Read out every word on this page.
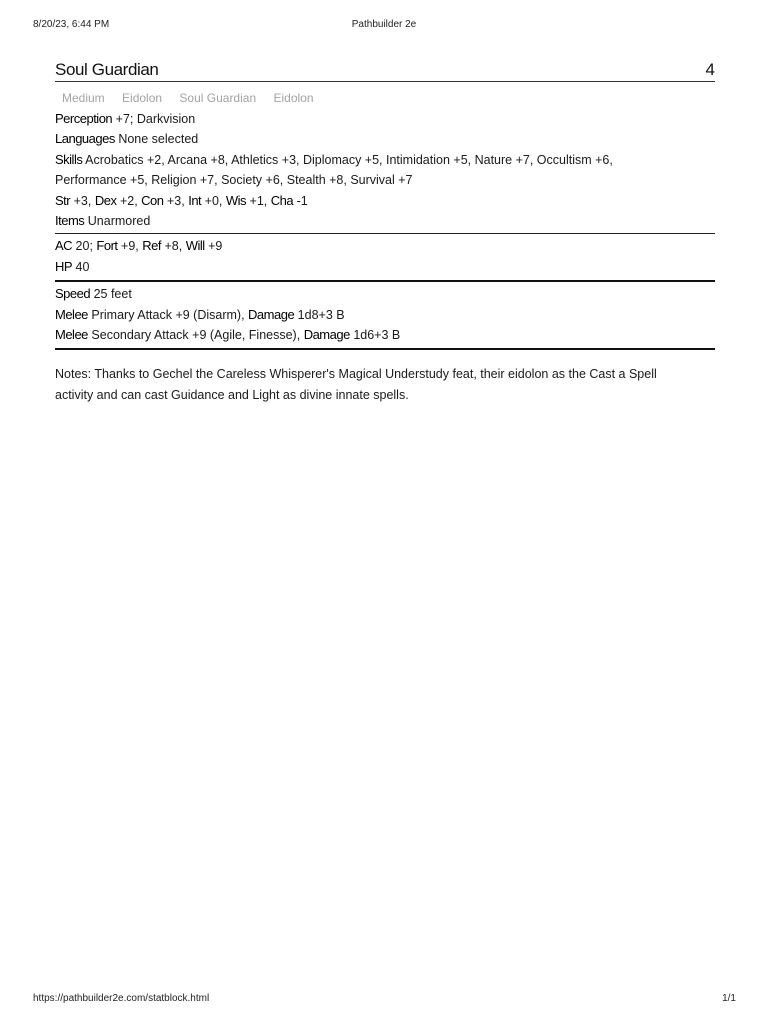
8/20/23, 6:44 PM	Pathbuilder 2e
Soul Guardian	4
Medium Eidolon Soul Guardian Eidolon
Perception +7; Darkvision
Languages None selected
Skills Acrobatics +2, Arcana +8, Athletics +3, Diplomacy +5, Intimidation +5, Nature +7, Occultism +6,
Performance +5, Religion +7, Society +6, Stealth +8, Survival +7
Str +3, Dex +2, Con +3, Int +0, Wis +1, Cha -1
Items Unarmored
AC 20; Fort +9, Ref +8, Will +9
HP 40
Speed 25 feet
Melee Primary Attack +9 (Disarm), Damage 1d8+3 B
Melee Secondary Attack +9 (Agile, Finesse), Damage 1d6+3 B
Notes: Thanks to Gechel the Careless Whisperer's Magical Understudy feat, their eidolon as the Cast a Spell
activity and can cast Guidance and Light as divine innate spells.
https://pathbuilder2e.com/statblock.html	1/1
